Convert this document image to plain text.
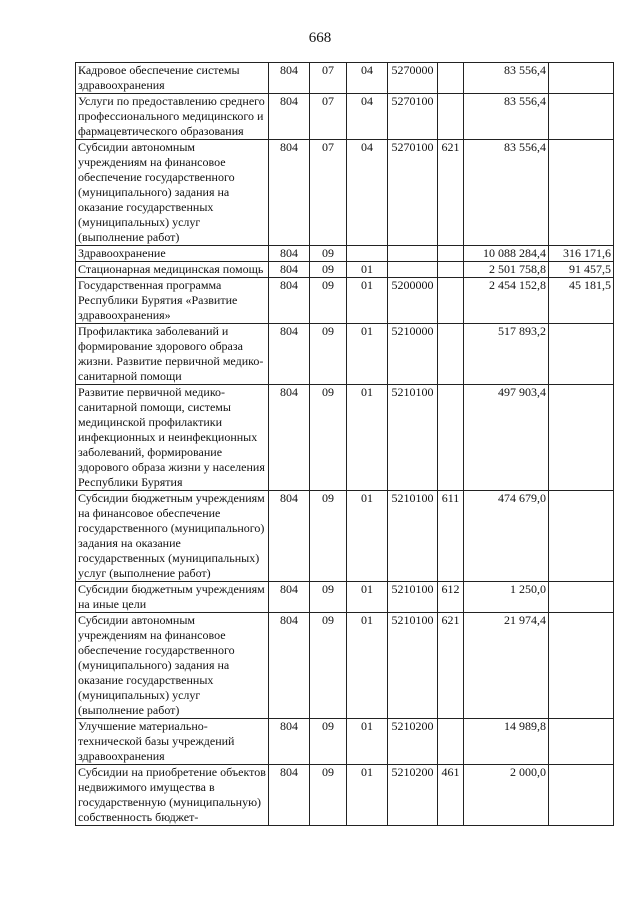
668
Кадровое обеспечение системы здравоохранения	804	07	04	5270000		83 556,4	
Услуги по предоставлению среднего профессионального медицинского и фармацевтического образования	804	07	04	5270100		83 556,4	
Субсидии автономным учреждениям на финансовое обеспечение государственного (муниципального) задания на оказание государственных (муниципальных) услуг (выполнение работ)	804	07	04	5270100	621	83 556,4	
Здравоохранение	804	09				10 088 284,4	316 171,6
Стационарная медицинская помощь	804	09	01			2 501 758,8	91 457,5
Государственная программа Республики Бурятия «Развитие здравоохранения»	804	09	01	5200000		2 454 152,8	45 181,5
Профилактика заболеваний и формирование здорового образа жизни. Развитие первичной медико-санитарной помощи	804	09	01	5210000		517 893,2	
Развитие первичной медико-санитарной помощи, системы медицинской профилактики инфекционных и неинфекционных заболеваний, формирование здорового образа жизни у населения Республики Бурятия	804	09	01	5210100		497 903,4	
Субсидии бюджетным учреждениям на финансовое обеспечение государственного (муниципального) задания на оказание государственных (муниципальных) услуг (выполнение работ)	804	09	01	5210100	611	474 679,0	
Субсидии бюджетным учреждениям на иные цели	804	09	01	5210100	612	1 250,0	
Субсидии автономным учреждениям на финансовое обеспечение государственного (муниципального) задания на оказание государственных (муниципальных) услуг (выполнение работ)	804	09	01	5210100	621	21 974,4	
Улучшение материально-технической базы учреждений здравоохранения	804	09	01	5210200		14 989,8	
Субсидии на приобретение объектов недвижимого имущества в государственную (муниципальную) собственность бюджет-	804	09	01	5210200	461	2 000,0	
